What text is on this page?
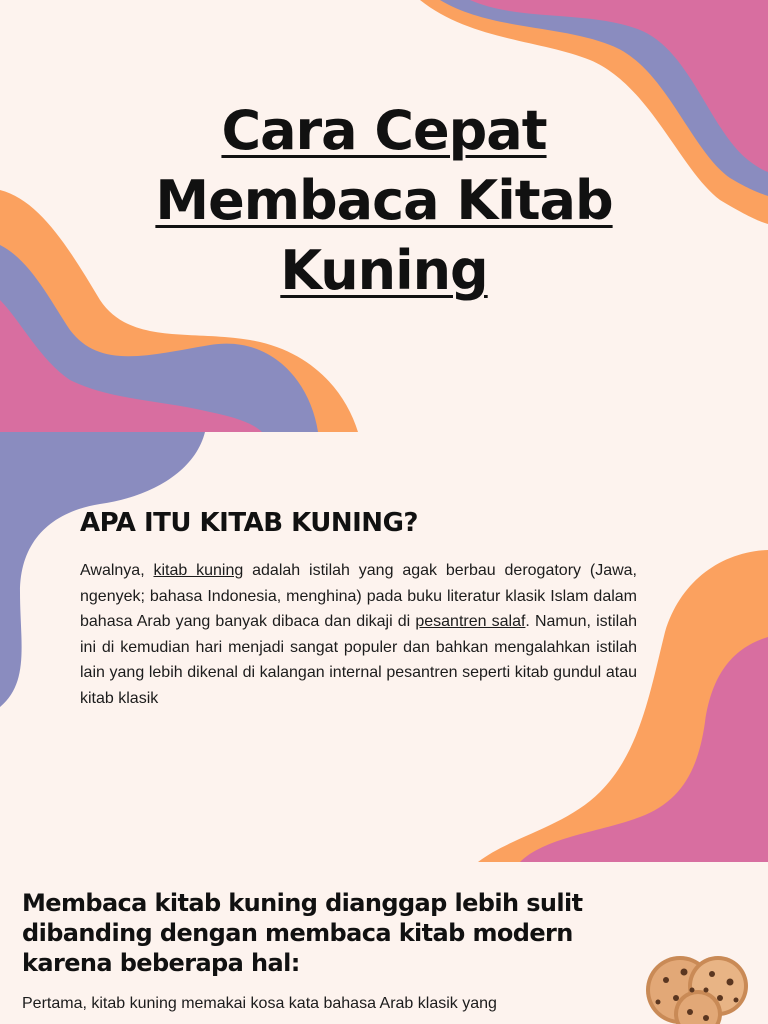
Cara Cepat
Membaca Kitab
Kuning
APA ITU KITAB KUNING?

Awalnya, kitab kuning adalah istilah yang agak berbau derogatory (Jawa, ngenyek; bahasa Indonesia, menghina) pada buku literatur klasik Islam dalam bahasa Arab yang banyak dibaca dan dikaji di pesantren salaf. Namun, istilah ini di kemudian hari menjadi sangat populer dan bahkan mengalahkan istilah lain yang lebih dikenal di kalangan internal pesantren seperti kitab gundul atau kitab klasik

Membaca kitab kuning dianggap lebih sulit dibanding dengan membaca kitab modern karena beberapa hal:

Pertama, kitab kuning memakai kosa kata bahasa Arab klasik yang
